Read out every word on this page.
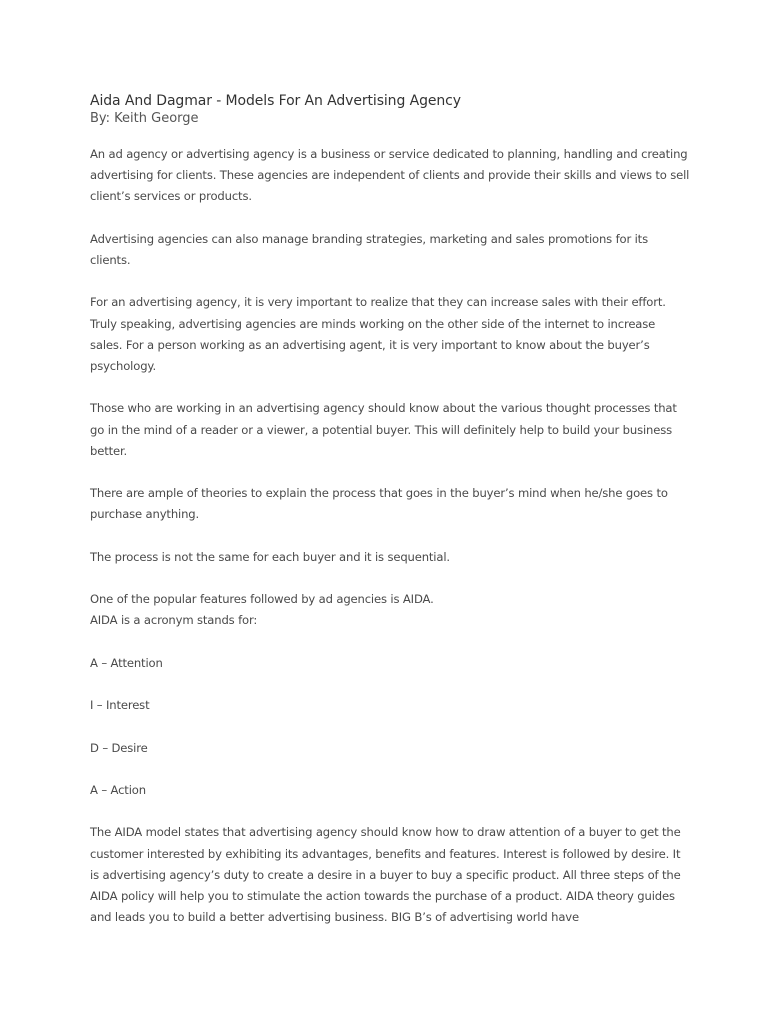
Aida And Dagmar - Models For An Advertising Agency
By: Keith George

An ad agency or advertising agency is a business or service dedicated to planning, handling and creating advertising for clients. These agencies are independent of clients and provide their skills and views to sell client’s services or products.

Advertising agencies can also manage branding strategies, marketing and sales promotions for its clients.

For an advertising agency, it is very important to realize that they can increase sales with their effort. Truly speaking, advertising agencies are minds working on the other side of the internet to increase sales. For a person working as an advertising agent, it is very important to know about the buyer’s psychology.

Those who are working in an advertising agency should know about the various thought processes that go in the mind of a reader or a viewer, a potential buyer. This will definitely help to build your business better.

There are ample of theories to explain the process that goes in the buyer’s mind when he/she goes to purchase anything.

The process is not the same for each buyer and it is sequential.

One of the popular features followed by ad agencies is AIDA.

AIDA is a acronym stands for:

A – Attention

I – Interest

D – Desire

A – Action

The AIDA model states that advertising agency should know how to draw attention of a buyer to get the customer interested by exhibiting its advantages, benefits and features. Interest is followed by desire. It is advertising agency’s duty to create a desire in a buyer to buy a specific product. All three steps of the AIDA policy will help you to stimulate the action towards the purchase of a product. AIDA theory guides and leads you to build a better advertising business. BIG B’s of advertising world have
